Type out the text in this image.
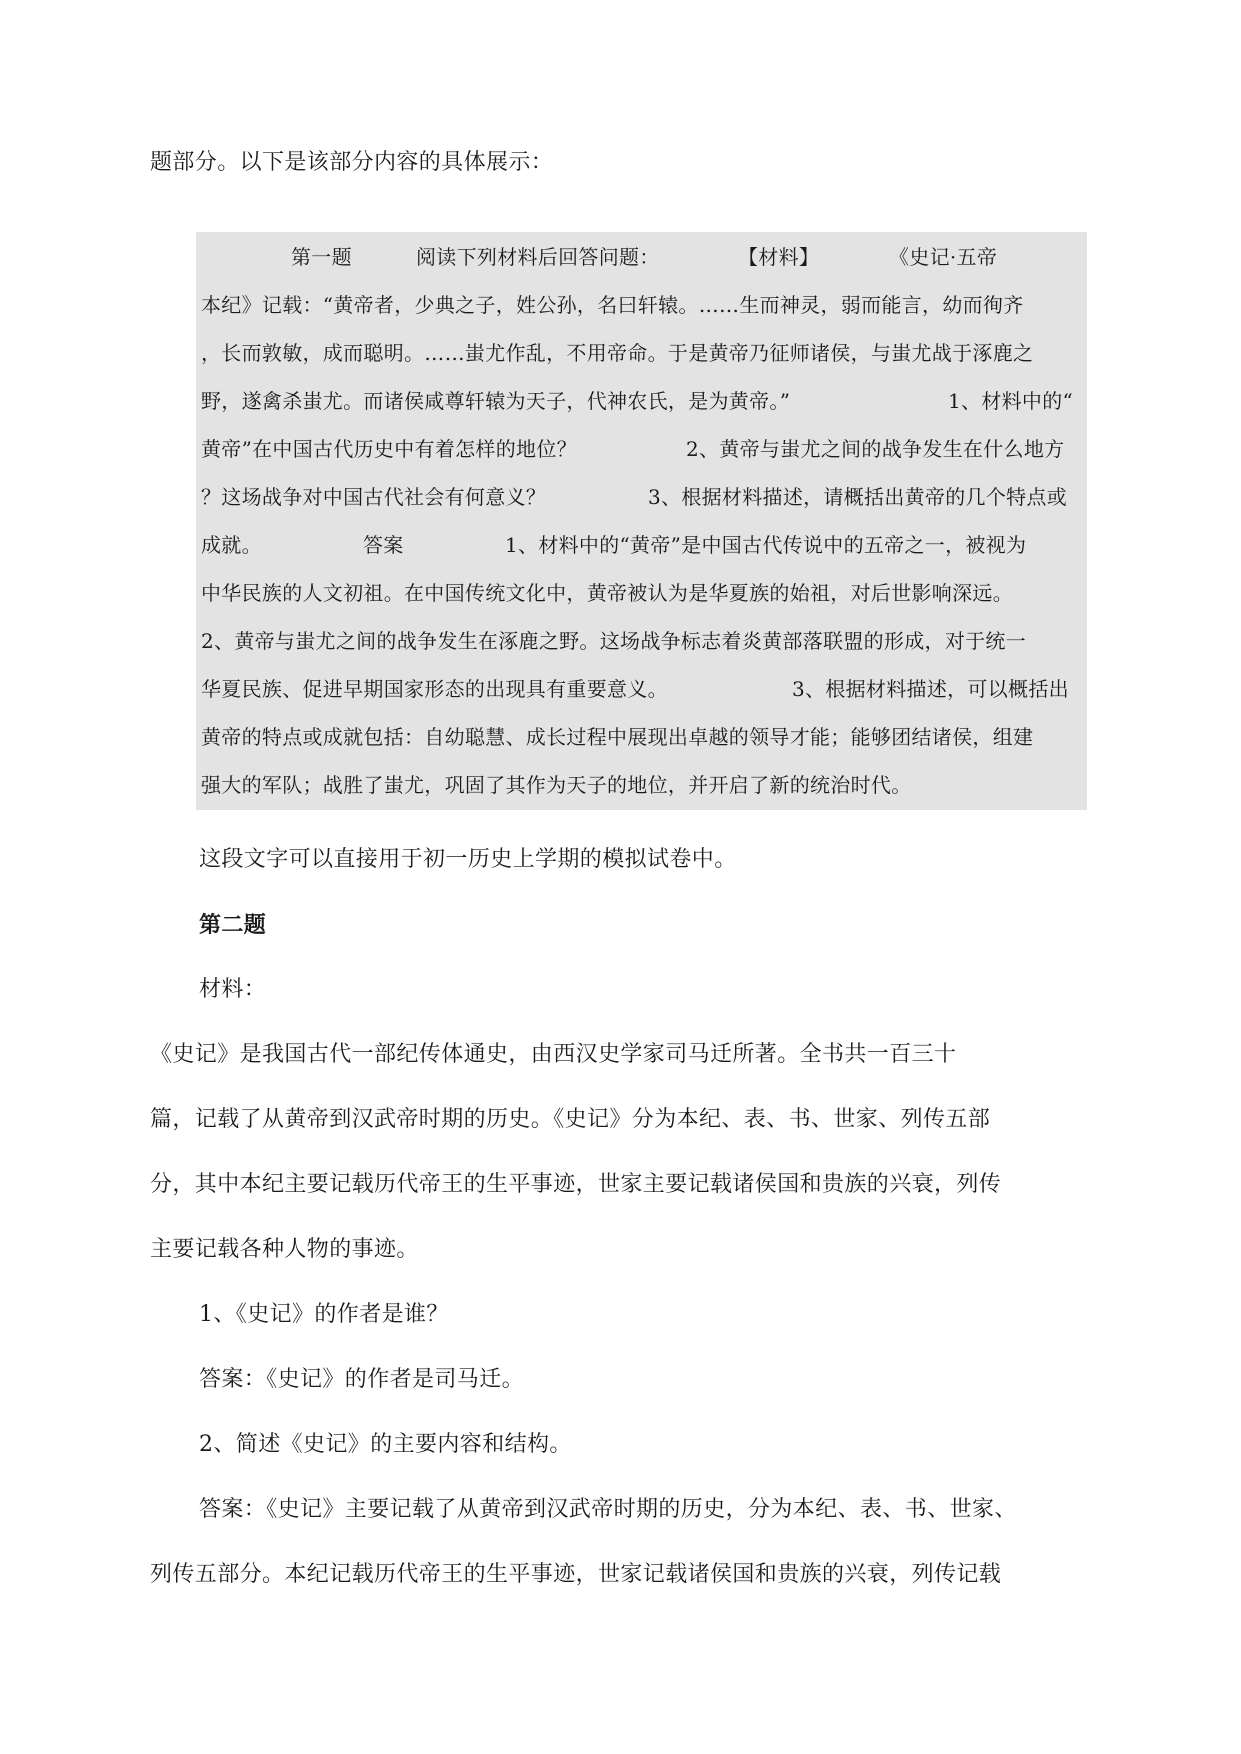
题部分。以下是该部分内容的具体展示：
第一题	阅读下列材料后回答问题：	【材料】	《史记·五帝
本纪》记载：“黄帝者，少典之子，姓公孙，名曰轩辕。……生而神灵，弱而能言，幼而徇齐
，长而敦敏，成而聪明。……蚩尤作乱，不用帝命。于是黄帝乃征师诸侯，与蚩尤战于涿鹿之
野，遂禽杀蚩尤。而诸侯咸尊轩辕为天子，代神农氏，是为黄帝。”	1、材料中的“
黄帝”在中国古代历史中有着怎样的地位？	2、黄帝与蚩尤之间的战争发生在什么地方
？这场战争对中国古代社会有何意义？	3、根据材料描述，请概括出黄帝的几个特点或
成就。	答案	1、材料中的“黄帝”是中国古代传说中的五帝之一，被视为
中华民族的人文初祖。在中国传统文化中，黄帝被认为是华夏族的始祖，对后世影响深远。
2、黄帝与蚩尤之间的战争发生在涿鹿之野。这场战争标志着炎黄部落联盟的形成，对于统一
华夏民族、促进早期国家形态的出现具有重要意义。	3、根据材料描述，可以概括出
黄帝的特点或成就包括：自幼聪慧、成长过程中展现出卓越的领导才能；能够团结诸侯，组建
强大的军队；战胜了蚩尤，巩固了其作为天子的地位，并开启了新的统治时代。
这段文字可以直接用于初一历史上学期的模拟试卷中。
第二题
材料：
《史记》是我国古代一部纪传体通史，由西汉史学家司马迁所著。全书共一百三十
篇，记载了从黄帝到汉武帝时期的历史。《史记》分为本纪、表、书、世家、列传五部
分，其中本纪主要记载历代帝王的生平事迹，世家主要记载诸侯国和贵族的兴衰，列传
主要记载各种人物的事迹。
1、《史记》的作者是谁？
答案：《史记》的作者是司马迁。
2、简述《史记》的主要内容和结构。
答案：《史记》主要记载了从黄帝到汉武帝时期的历史，分为本纪、表、书、世家、
列传五部分。本纪记载历代帝王的生平事迹，世家记载诸侯国和贵族的兴衰，列传记载
